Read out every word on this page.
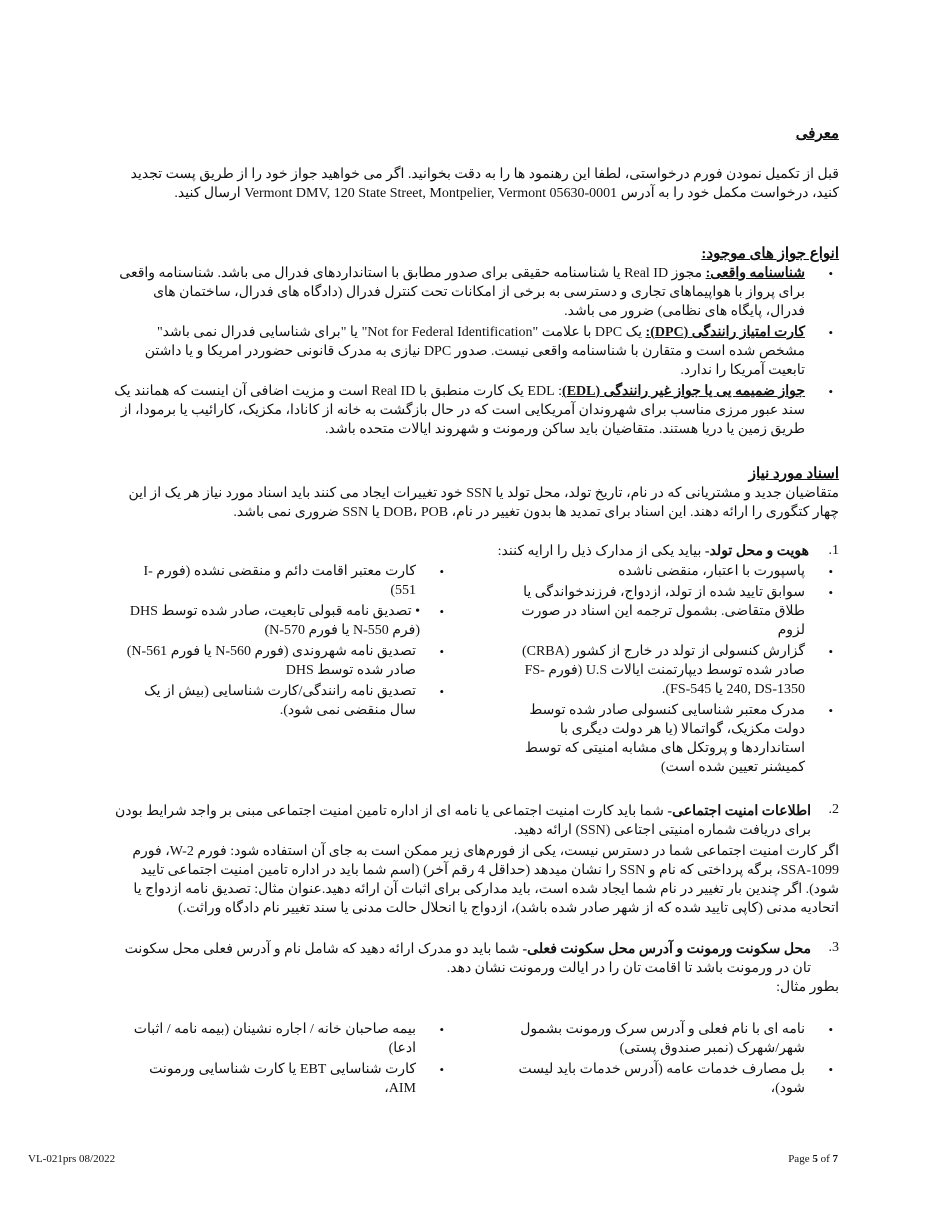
معرفی

قبل از تکمیل نمودن فورم درخواستی، لطفا این رهنمود ها را به دقت بخوانید. اگر می خواهید جواز خود را از طریق پست تجدید کنید، درخواست مکمل خود را به آدرس Vermont DMV, 120 State Street, Montpelier, Vermont 05630-0001 ارسال کنید.

انواع جواز های موجود:
• شناسنامه واقعی: مجوز Real ID یا شناسنامه حقیقی برای صدور مطابق با استاندارد‌های فدرال می باشد. شناسنامه واقعی برای پرواز با هواپیماهای تجاری و دسترسی به برخی از امکانات تحت کنترل فدرال (دادگاه های فدرال، ساختمان های فدرال، پایگاه های نظامی) ضرور می باشد.
• کارت امتیاز رانندگی (DPC): یک DPC با علامت "Not for Federal Identification" یا "برای شناسایی فدرال نمی باشد" مشخص شده است و متقارن با شناسنامه واقعی نیست. صدور DPC نیازی به مدرک قانونی حضوردر امریکا و یا داشتن تابعیت آمریکا را ندارد.
• جواز ضمیمه یی یا جواز غیر رانندگی (EDL): EDL یک کارت منطبق با Real ID است و مزیت اضافی آن اینست که همانند یک سند عبور مرزی مناسب برای شهروندان آمریکایی است که در حال بازگشت به خانه از کانادا، مکزیک، کارائیب یا برمودا، از طریق زمین یا دریا هستند. متقاضیان باید ساکن ورمونت و شهروند ایالات متحده باشد.
اسناد مورد نیاز

متقاضیان جدید و مشتریانی که در نام، تاریخ تولد، محل تولد یا SSN خود تغییرات ایجاد می کنند باید اسناد مورد نیاز هر یک از این چهار کتگوری را ارائه دهند. این اسناد برای تمدید ها بدون تغییر در نام، DOB، POB یا SSN ضروری نمی باشد.

1.
هویت و محل تولد- بیاید یکی از مدارک ذیل را ارایه کنند:
• پاسپورت با اعتبار، منقضی ناشده
• سوابق تایید شده از تولد، ازدواج، فرزندخواندگی یا طلاق متقاضی. بشمول ترجمه این اسناد در صورت لزوم
• گزارش کنسولی از تولد در خارج از کشور (CRBA) صادر شده توسط دیپارتمنت ایالات U.S (فورم FS-240, DS-1350 یا FS-545).
• مدرک معتبر شناسایی کنسولی صادر شده توسط دولت مکزیک، گواتمالا (یا هر دولت دیگری با استاندارد‌ها و پروتکل های مشابه امنیتی که توسط کمیشنر تعیین شده است)
• کارت معتبر اقامت دائم و منقضی نشده (فورم I-551)
• • تصدیق نامه قبولی تابعیت، صادر شده توسط DHS (فرم N-550 یا فورم N-570)
• تصدیق نامه شهروندی (فورم N-560 یا فورم N-561) صادر شده توسط DHS
• تصدیق نامه رانندگی/کارت شناسایی (بیش از یک سال منقضی نمی شود).
2.

اطلاعات امنیت اجتماعی- شما باید کارت امنیت اجتماعی یا نامه ای از اداره تامین امنیت اجتماعی مبنی بر واجد شرایط بودن برای دریافت شماره امنیتی اجتاعی (SSN) ارائه دهید.

اگر کارت امنیت اجتماعی شما در دسترس نیست، یکی از فورم‌های زیر ممکن است به جای آن استفاده شود: فورم W-2، فورم SSA-1099، برگه پرداختی که نام و SSN را نشان میدهد (حداقل 4 رقم آخر) (اسم شما باید در اداره تامین امنیت اجتماعی تایید شود). اگر چندین بار تغییر در نام شما ایجاد شده است، باید مدارکی برای اثبات آن ارائه دهید.عنوان مثال: تصدیق نامه ازدواج یا اتحادیه مدنی (کاپی تایید شده که از شهر صادر شده باشد)، ازدواج یا انحلال حالت مدنی یا سند تغییر نام دادگاه وراثت.)

3.

محل سکونت ورمونت و آدرس محل سکونت فعلی- شما باید دو مدرک ارائه دهید که شامل نام و آدرس فعلی محل سکونت تان در ورمونت باشد تا اقامت تان را در ایالت ورمونت نشان دهد.

بطور مثال:
• نامه ای با نام فعلی و آدرس سرک ورمونت بشمول شهر/شهرک (نمبر صندوق پستی)
• بل مصارف خدمات عامه (آدرس خدمات باید لیست شود)،
• بیمه صاحبان خانه / اجاره نشینان (بیمه نامه / اثبات ادعا)
• کارت شناسایی EBT یا کارت شناسایی ورمونت AIM،
VL-021prs 08/2022	Page 5 of 7
